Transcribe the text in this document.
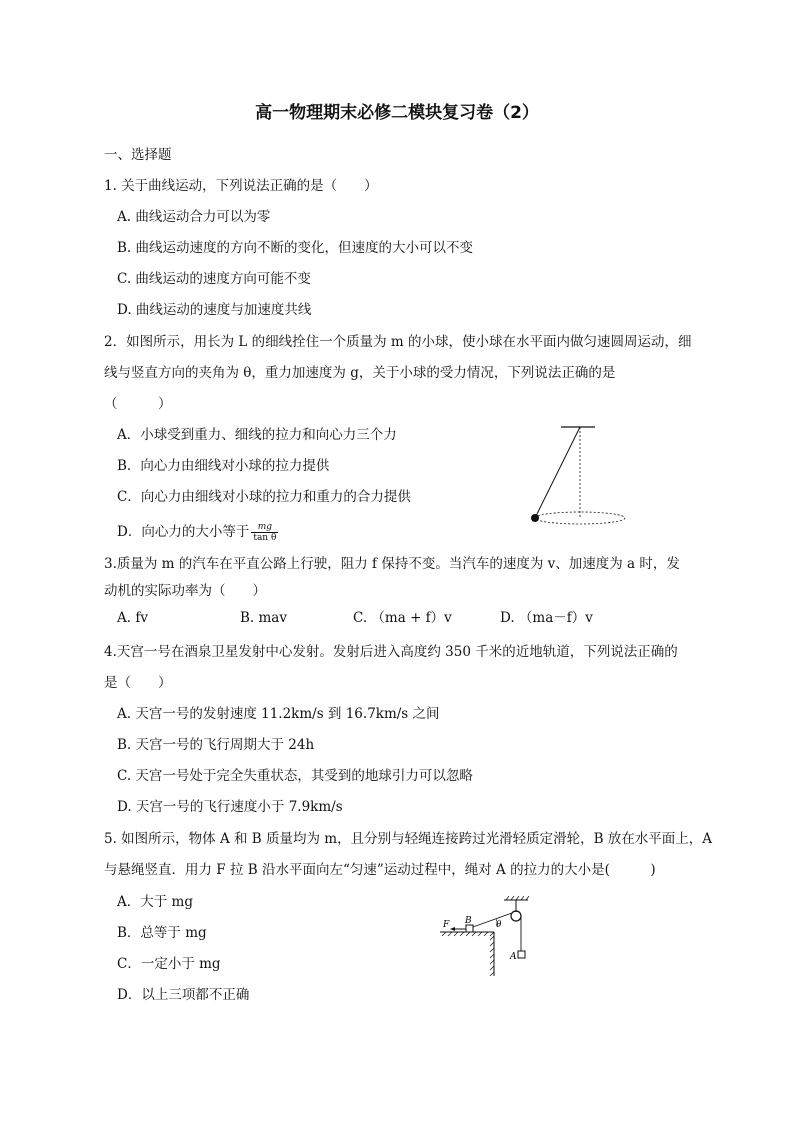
高一物理期末必修二模块复习卷（2）
一、选择题
1. 关于曲线运动，下列说法正确的是（　　）
A. 曲线运动合力可以为零
B. 曲线运动速度的方向不断的变化，但速度的大小可以不变
C. 曲线运动的速度方向可能不变
D. 曲线运动的速度与加速度共线
2．如图所示，用长为 L 的细线拴住一个质量为 m 的小球，使小球在水平面内做匀速圆周运动，细
线与竖直方向的夹角为 θ，重力加速度为 g，关于小球的受力情况，下列说法正确的是
（　　　）
A．小球受到重力、细线的拉力和向心力三个力
B．向心力由细线对小球的拉力提供
C．向心力由细线对小球的拉力和重力的合力提供
D．向心力的大小等于 $\frac{mg}{\text{tan θ}}$
3.质量为 m 的汽车在平直公路上行驶，阻力 f 保持不变。当汽车的速度为 v、加速度为 a 时，发
动机的实际功率为（　　）
A. fv	B. mav	C. （ma + f）v	D. （ma－f）v
4.天宫一号在酒泉卫星发射中心发射。发射后进入高度约 350 千米的近地轨道，下列说法正确的
是（　　）
A. 天宫一号的发射速度 11.2km/s 到 16.7km/s 之间
B. 天宫一号的飞行周期大于 24h
C. 天宫一号处于完全失重状态，其受到的地球引力可以忽略
D. 天宫一号的飞行速度小于 7.9km/s
5. 如图所示，物体 A 和 B 质量均为 m，且分别与轻绳连接跨过光滑轻质定滑轮，B 放在水平面上，A
与悬绳竖直．用力 F 拉 B 沿水平面向左“匀速”运动过程中，绳对 A 的拉力的大小是(　　　)
A．大于 mg
B．总等于 mg
C．一定小于 mg
D．以上三项都不正确
F B	θ
A
